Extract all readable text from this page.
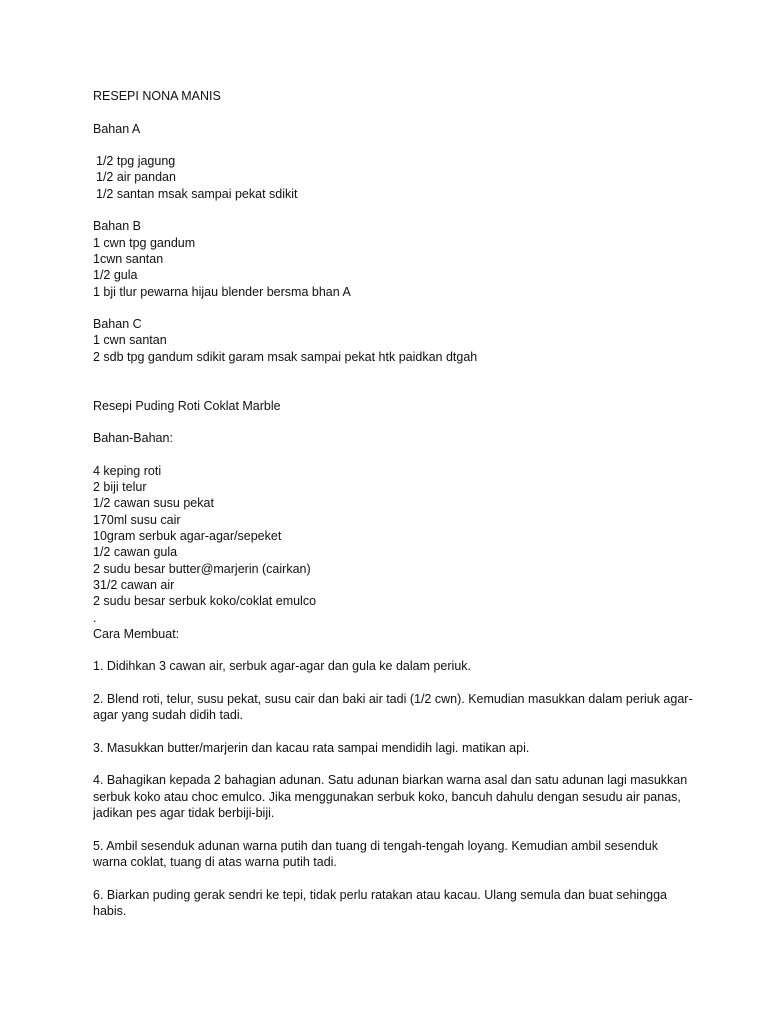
RESEPI NONA MANIS
Bahan A
1/2 tpg jagung
1/2 air pandan
1/2 santan msak sampai pekat sdikit
Bahan B
1 cwn tpg gandum
1cwn santan
1/2 gula
1 bji tlur pewarna hijau blender bersma bhan A
Bahan C
1 cwn santan
2 sdb tpg gandum sdikit garam msak sampai pekat htk paidkan dtgah
Resepi Puding Roti Coklat Marble
Bahan-Bahan:
4 keping roti
2 biji telur
1/2 cawan susu pekat
170ml susu cair
10gram serbuk agar-agar/sepeket
1/2 cawan gula
2 sudu besar butter@marjerin (cairkan)
31/2 cawan air
2 sudu besar serbuk koko/coklat emulco
.
Cara Membuat:
1. Didihkan 3 cawan air, serbuk agar-agar dan gula ke dalam periuk.
2. Blend roti, telur, susu pekat, susu cair dan baki air tadi (1/2 cwn). Kemudian masukkan dalam periuk agar-agar yang sudah didih tadi.
3. Masukkan butter/marjerin dan kacau rata sampai mendidih lagi. matikan api.
4. Bahagikan kepada 2 bahagian adunan. Satu adunan biarkan warna asal dan satu adunan lagi masukkan serbuk koko atau choc emulco. Jika menggunakan serbuk koko, bancuh dahulu dengan sesudu air panas, jadikan pes agar tidak berbiji-biji.
5. Ambil sesenduk adunan warna putih dan tuang di tengah-tengah loyang. Kemudian ambil sesenduk warna coklat, tuang di atas warna putih tadi.
6. Biarkan puding gerak sendri ke tepi, tidak perlu ratakan atau kacau. Ulang semula dan buat sehingga habis.
